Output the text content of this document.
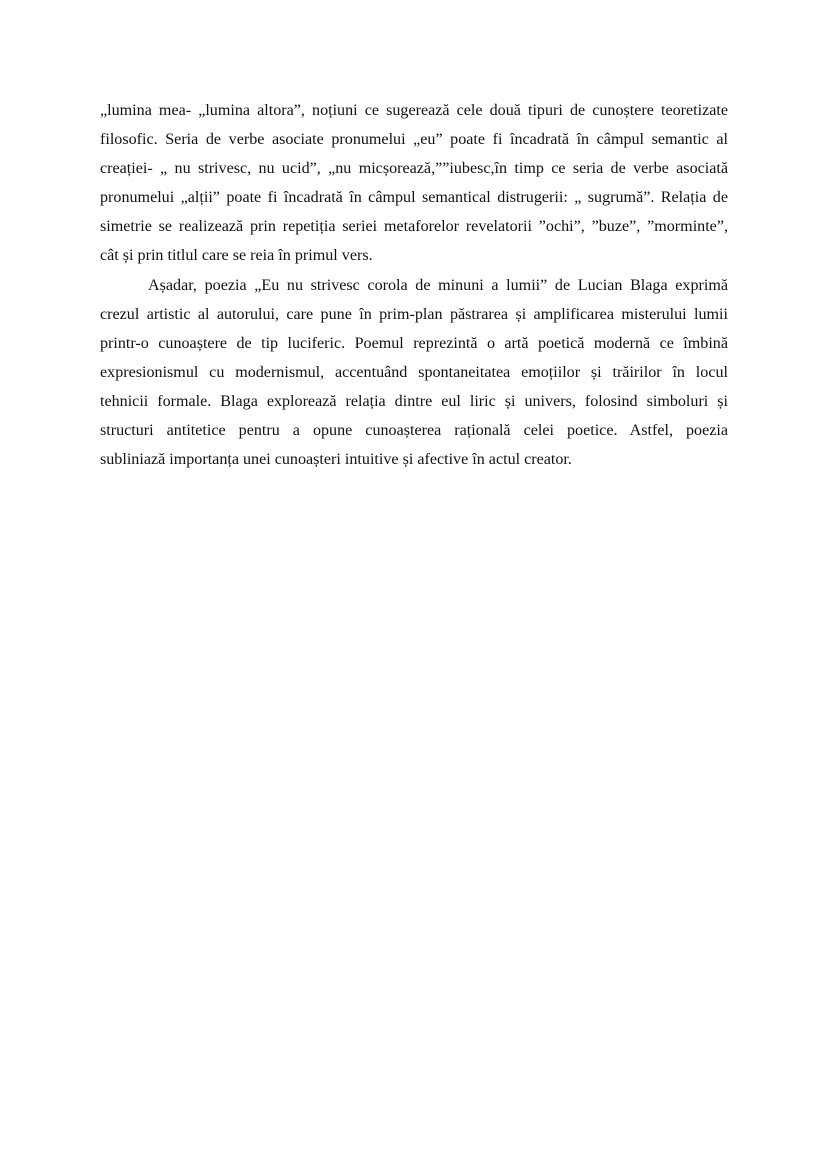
„lumina mea- „lumina altora”, noțiuni ce sugerează cele două tipuri de cunoștere teoretizate
filosofic. Seria de verbe asociate pronumelui „eu” poate fi încadrată în câmpul semantic al
creației- „ nu strivesc, nu ucid”, „nu micșorează,””iubesc,în timp ce seria de verbe asociată
pronumelui „alții” poate fi încadrată în câmpul semantical distrugerii: „ sugrumă”. Relația de
simetrie se realizează prin repetiția seriei metaforelor revelatorii ”ochi”, ”buze”, ”morminte”,
cât și prin titlul care se reia în primul vers.
Așadar, poezia „Eu nu strivesc corola de minuni a lumii” de Lucian Blaga exprimă
crezul artistic al autorului, care pune în prim-plan păstrarea și amplificarea misterului lumii
printr-o cunoaștere de tip luciferic. Poemul reprezintă o artă poetică modernă ce îmbină
expresionismul cu modernismul, accentuând spontaneitatea emoțiilor și trăirilor în locul
tehnicii formale. Blaga explorează relația dintre eul liric și univers, folosind simboluri și
structuri antitetice pentru a opune cunoașterea rațională celei poetice. Astfel, poezia
subliniază importanța unei cunoașteri intuitive și afective în actul creator.
